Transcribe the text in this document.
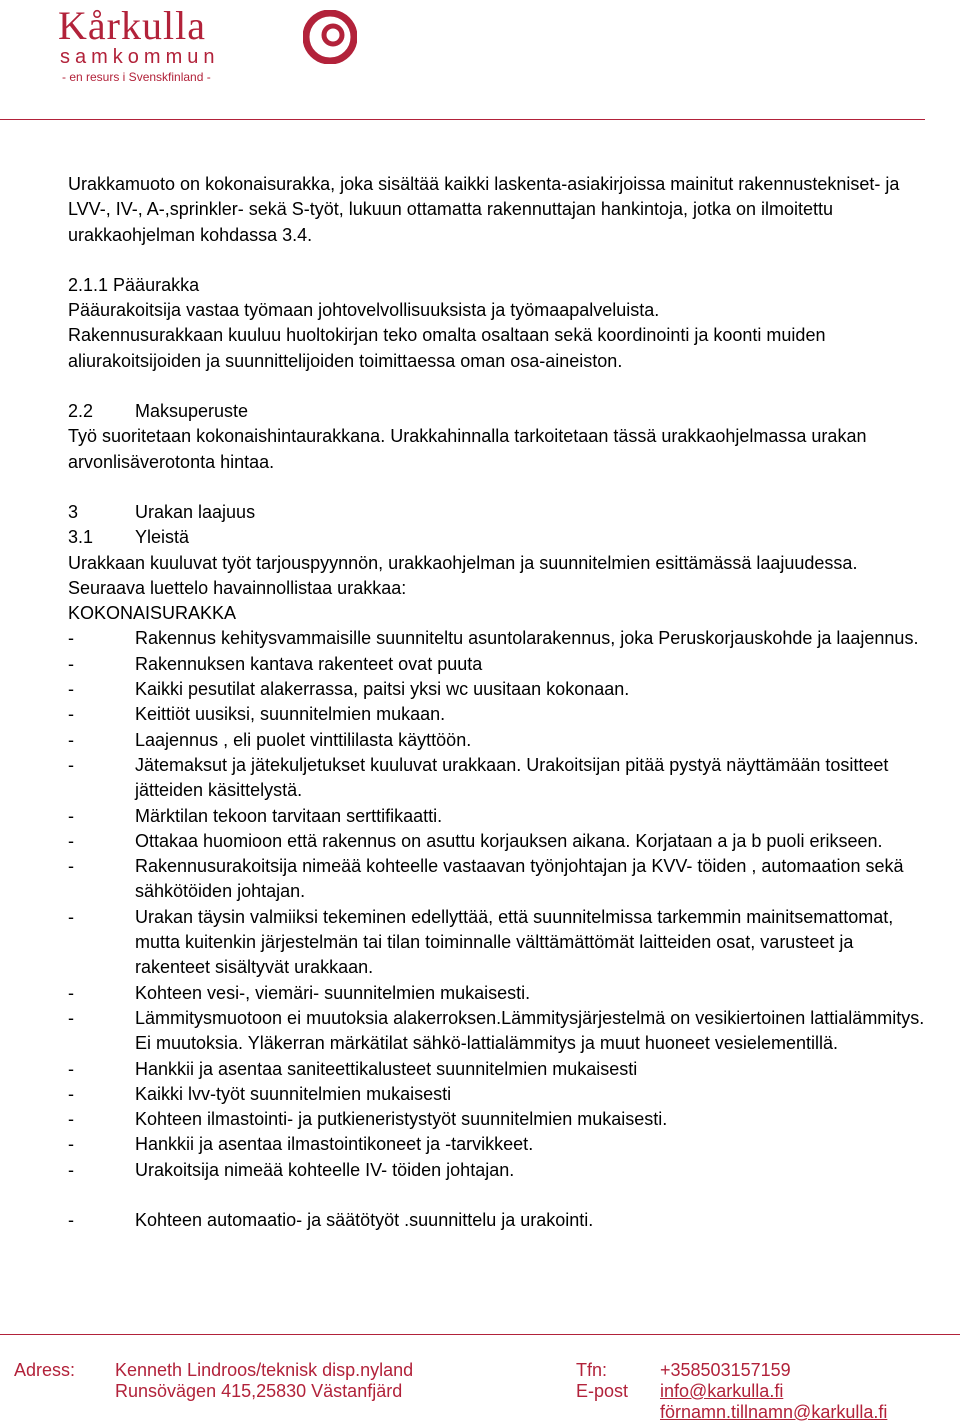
Kårkulla
samkommun
- en resurs i Svenskfinland -

Urakkamuoto on kokonaisurakka, joka sisältää kaikki laskenta-asiakirjoissa mainitut rakennustekniset- ja LVV-, IV-, A-,sprinkler- sekä S-työt, lukuun ottamatta rakennuttajan hankintoja, jotka on ilmoitettu urakkaohjelman kohdassa 3.4.

2.1.1 Pääurakka

Pääurakoitsija vastaa työmaan johtovelvollisuuksista ja työmaapalveluista.

Rakennusurakkaan kuuluu huoltokirjan teko omalta osaltaan sekä koordinointi ja koonti muiden aliurakoitsijoiden ja suunnittelijoiden toimittaessa oman osa-aineiston.

2.2	Maksuperuste

Työ suoritetaan kokonaishintaurakkana. Urakkahinnalla tarkoitetaan tässä urakkaohjelmassa urakan arvonlisäverotonta hintaa.

3	Urakan laajuus
3.1	Yleistä

Urakkaan kuuluvat työt tarjouspyynnön, urakkaohjelman ja suunnitelmien esittämässä laajuudessa. Seuraava luettelo havainnollistaa urakkaa:

KOKONAISURAKKA

-	Rakennus kehitysvammaisille suunniteltu asuntolarakennus, joka Peruskorjauskohde ja laajennus.
-	Rakennuksen kantava rakenteet ovat puuta
-	Kaikki pesutilat alakerrassa, paitsi yksi wc uusitaan kokonaan.
-	Keittiöt uusiksi, suunnitelmien mukaan.
-	Laajennus , eli puolet vinttililasta käyttöön.
-	Jätemaksut ja jätekuljetukset kuuluvat urakkaan. Urakoitsijan pitää pystyä näyttämään tositteet jätteiden käsittelystä.
-	Märktilan tekoon tarvitaan serttifikaatti.
-	Ottakaa huomioon että rakennus on asuttu korjauksen aikana. Korjataan a ja b puoli erikseen.
-	Rakennusurakoitsija nimeää kohteelle vastaavan työnjohtajan ja KVV- töiden , automaation sekä sähkötöiden johtajan.
-	Urakan täysin valmiiksi tekeminen edellyttää, että suunnitelmissa tarkemmin mainitsemattomat, mutta kuitenkin järjestelmän tai tilan toiminnalle välttämättömät laitteiden osat, varusteet ja rakenteet sisältyvät urakkaan.
-	Kohteen vesi-, viemäri- suunnitelmien mukaisesti.
-	Lämmitysmuotoon ei muutoksia alakerroksen.Lämmitysjärjestelmä on vesikiertoinen lattialämmitys. Ei muutoksia. Yläkerran märkätilat sähkö-lattialämmitys ja muut huoneet vesielementillä.
-	Hankkii ja asentaa saniteettikalusteet suunnitelmien mukaisesti
-	Kaikki lvv-työt suunnitelmien mukaisesti
-	Kohteen ilmastointi- ja putkieneristystyöt suunnitelmien mukaisesti.
-	Hankkii ja asentaa ilmastointikoneet ja -tarvikkeet.
-	Urakoitsija nimeää kohteelle IV- töiden johtajan.
-	Kohteen automaatio- ja säätötyöt .suunnittelu ja urakointi.
Adress: Kenneth Lindroos/teknisk disp.nyland
Runsövägen 415,25830 Västanfjärd
Tfn:	+358503157159
E-post info@karkulla.fi
förnamn.tillnamn@karkulla.fi
